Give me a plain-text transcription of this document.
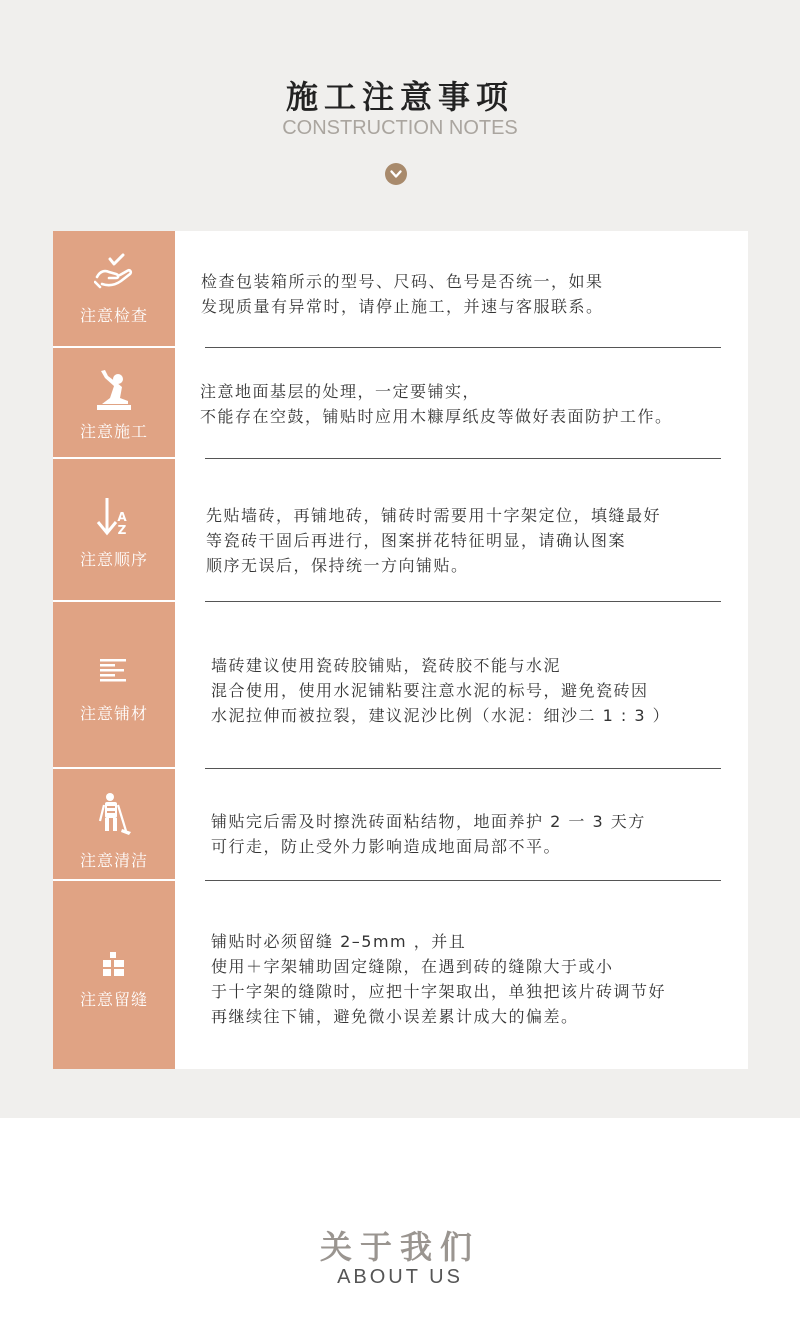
施工注意事项
CONSTRUCTION NOTES
注意检查
检查包装箱所示的型号、尺码、色号是否统一，如果
发现质量有异常时，请停止施工，并速与客服联系。
注意施工
注意地面基层的处理，一定要铺实，
不能存在空鼓，铺贴时应用木糠厚纸皮等做好表面防护工作。
A
Z
注意顺序
先贴墙砖，再铺地砖，铺砖时需要用十字架定位，填缝最好
等瓷砖干固后再进行，图案拼花特征明显，请确认图案
顺序无误后，保持统一方向铺贴。
注意铺材
墙砖建议使用瓷砖胶铺贴，瓷砖胶不能与水泥
混合使用，使用水泥铺粘要注意水泥的标号，避免瓷砖因
水泥拉伸而被拉裂，建议泥沙比例（水泥：细沙二 1 : 3 ）
注意清洁
铺贴完后需及时擦洗砖面粘结物，地面养护 2 一 3 天方
可行走，防止受外力影响造成地面局部不平。
注意留缝
铺贴时必须留缝 2–5mm ，并且
使用＋字架辅助固定缝隙，在遇到砖的缝隙大于或小
于十字架的缝隙时，应把十字架取出，单独把该片砖调节好
再继续往下铺，避免微小误差累计成大的偏差。
关于我们
ABOUT US
